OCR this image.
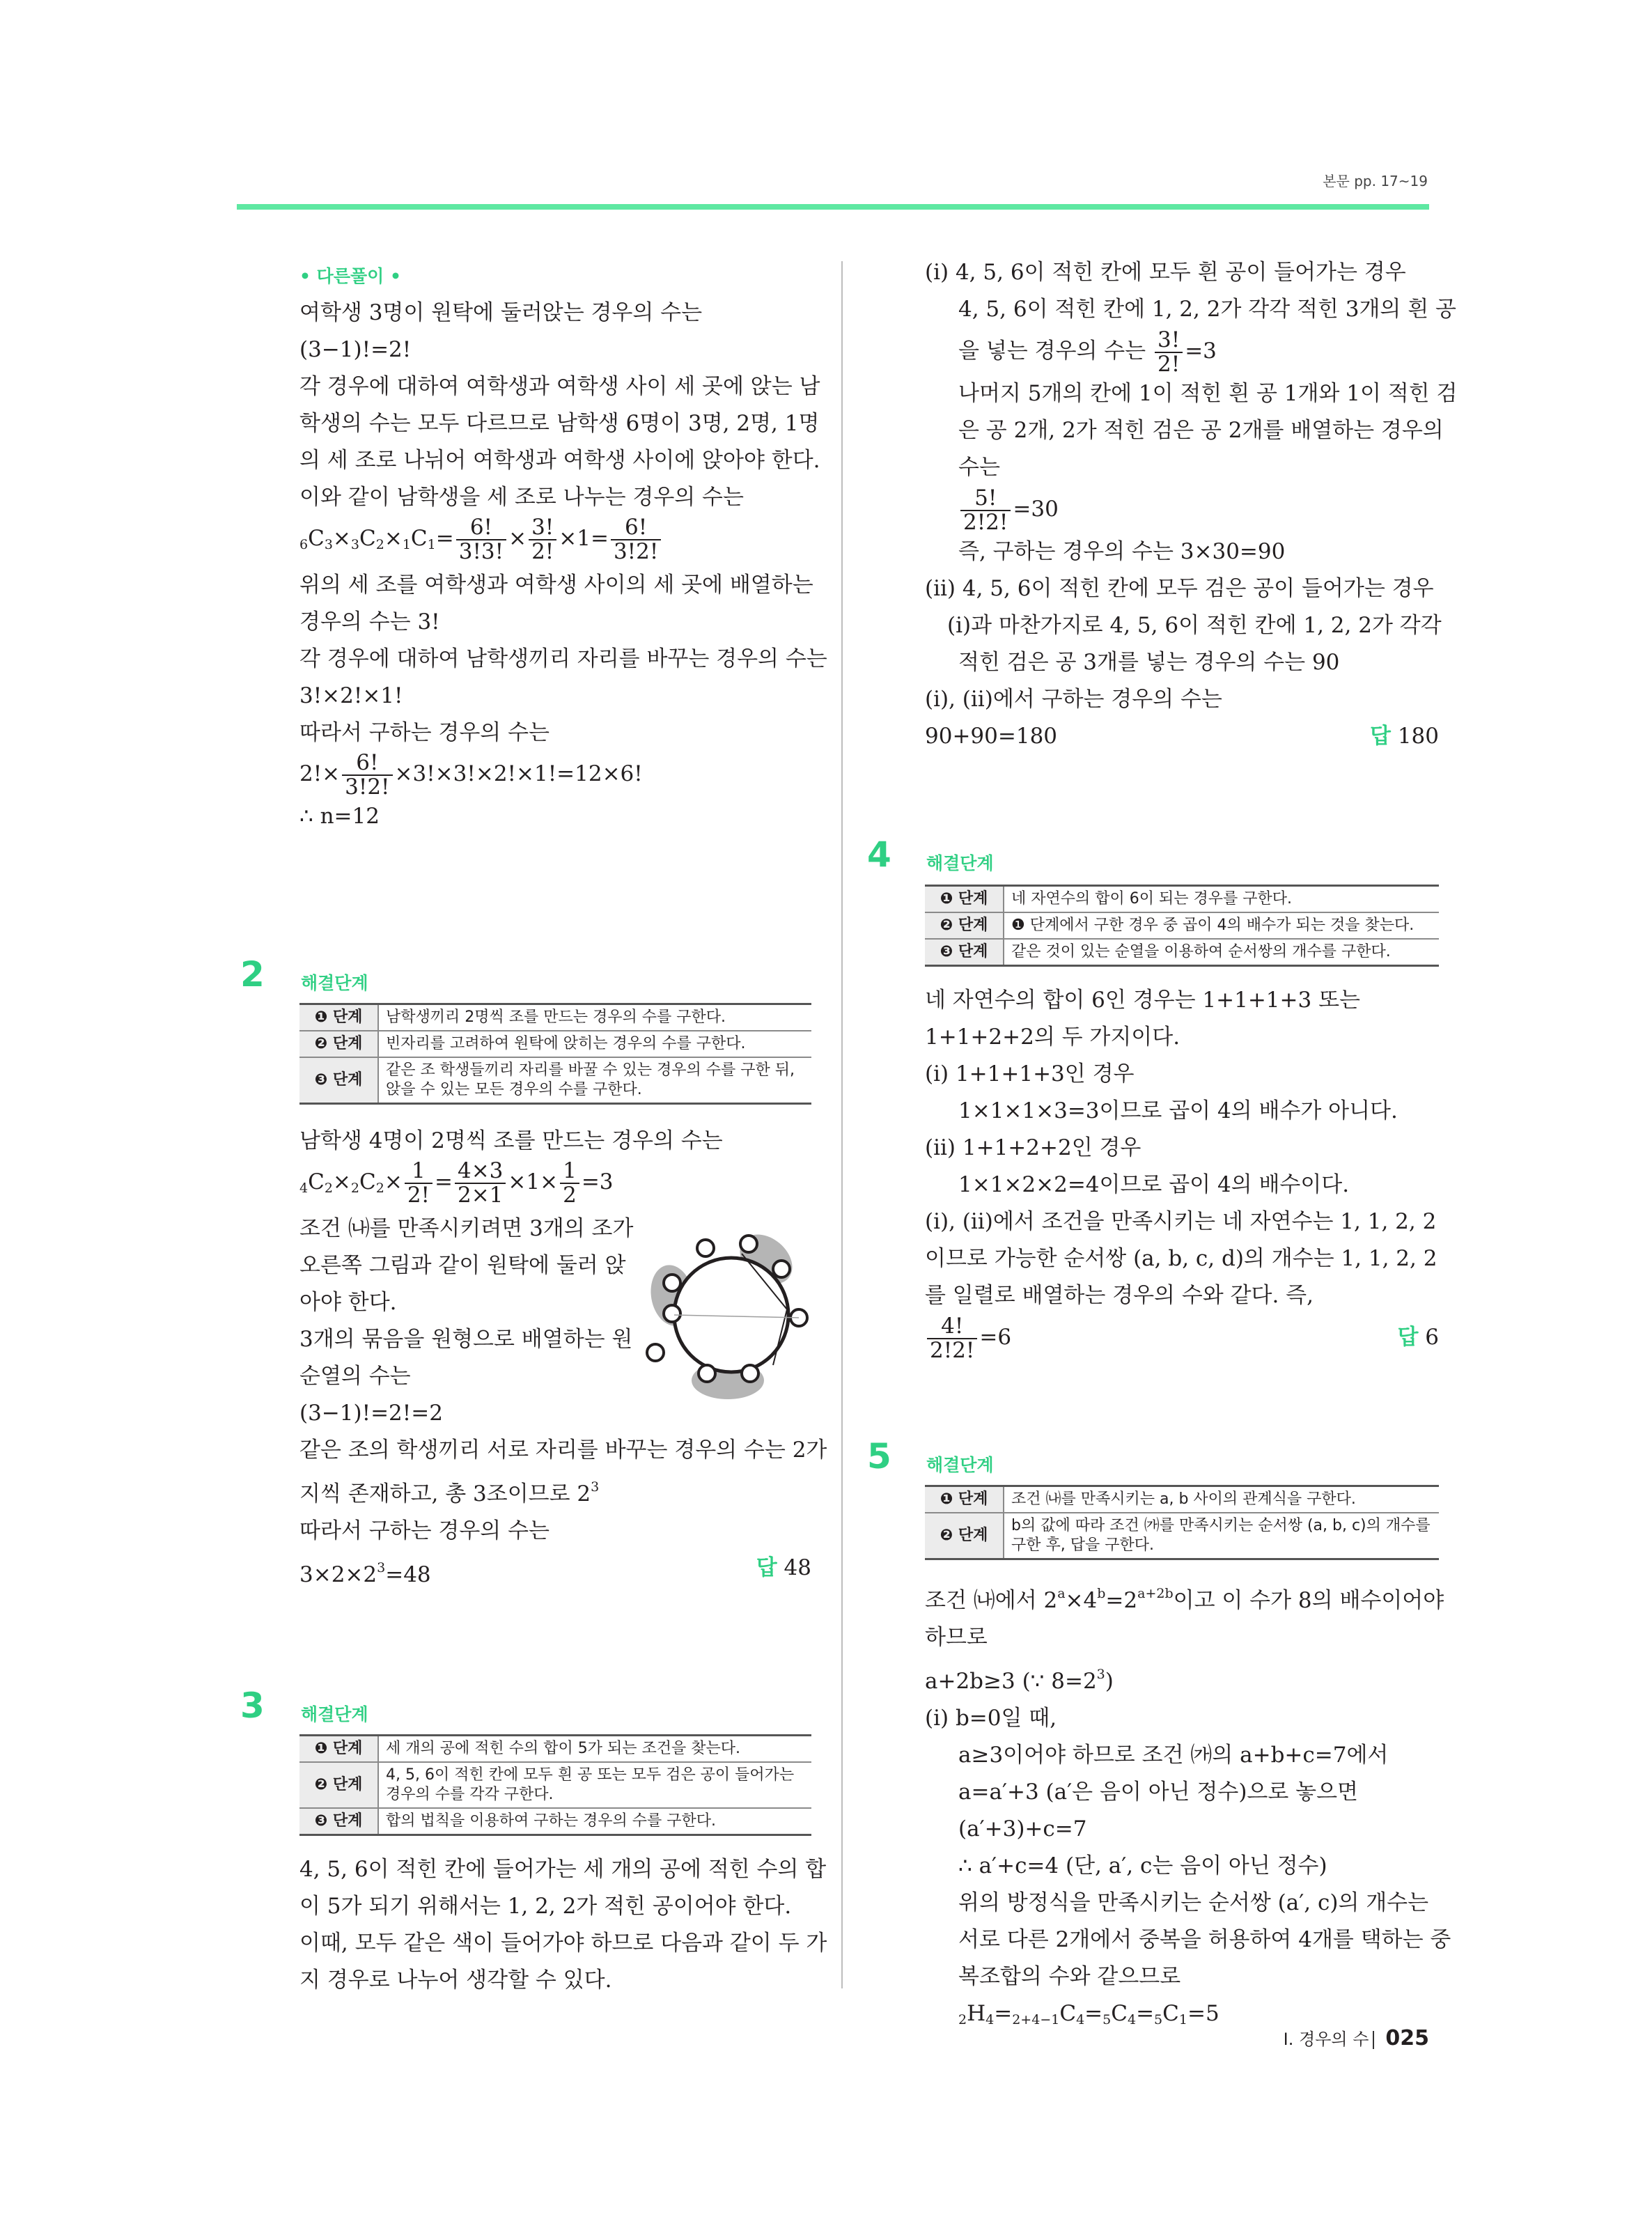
본문 pp. 17~19

• 다른풀이 •

여학생 3명이 원탁에 둘러앉는 경우의 수는

(3−1)!=2!

각 경우에 대하여 여학생과 여학생 사이 세 곳에 앉는 남

학생의 수는 모두 다르므로 남학생 6명이 3명, 2명, 1명

의 세 조로 나뉘어 여학생과 여학생 사이에 앉아야 한다.

이와 같이 남학생을 세 조로 나누는 경우의 수는

$_6C_3\times_3C_2\times_1C_1= \frac{6!}{3!3!} \times \frac{3!}{2!} \times 1= \frac{6!}{3!2!}$

위의 세 조를 여학생과 여학생 사이의 세 곳에 배열하는

경우의 수는 3!

각 경우에 대하여 남학생끼리 자리를 바꾸는 경우의 수는

3!×2!×1!

따라서 구하는 경우의 수는

$2!\times \frac{6!}{3!2!} \times 3!\times 3!\times 2!\times 1!=12\times 6$!

∴ n=12

2 해결단계
❶ 단계	남학생끼리 2명씩 조를 만드는 경우의 수를 구한다.
❷ 단계	빈자리를 고려하여 원탁에 앉히는 경우의 수를 구한다.
❸ 단계	같은 조 학생들끼리 자리를 바꿀 수 있는 경우의 수를 구한 뒤, 앉을 수 있는 모든 경우의 수를 구한다.

남학생 4명이 2명씩 조를 만드는 경우의 수는

$_4C_2\times_2C_2\times \frac{1}{2!} = \frac{4\times 3}{2\times 1} \times 1\times \frac{1}{2} =3$

조건 ㈏를 만족시키려면 3개의 조가

오른쪽 그림과 같이 원탁에 둘러 앉

아야 한다.

3개의 묶음을 원형으로 배열하는 원

순열의 수는

(3−1)!=2!=2

같은 조의 학생끼리 서로 자리를 바꾸는 경우의 수는 2가

지씩 존재하고, 총 3조이므로 $2^3$

따라서 구하는 경우의 수는

$3\times 2\times 2^3=48$	답 48

3 해결단계
❶ 단계	세 개의 공에 적힌 수의 합이 5가 되는 조건을 찾는다.
❷ 단계	4, 5, 6이 적힌 칸에 모두 흰 공 또는 모두 검은 공이 들어가는 경우의 수를 각각 구한다.
❸ 단계	합의 법칙을 이용하여 구하는 경우의 수를 구한다.

4, 5, 6이 적힌 칸에 들어가는 세 개의 공에 적힌 수의 합

이 5가 되기 위해서는 1, 2, 2가 적힌 공이어야 한다.

이때, 모두 같은 색이 들어가야 하므로 다음과 같이 두 가

지 경우로 나누어 생각할 수 있다.

(ⅰ) 4, 5, 6이 적힌 칸에 모두 흰 공이 들어가는 경우

4, 5, 6이 적힌 칸에 1, 2, 2가 각각 적힌 3개의 흰 공

을 넣는 경우의 수는 $\frac{3!}{2!} =3$

나머지 5개의 칸에 1이 적힌 흰 공 1개와 1이 적힌 검

은 공 2개, 2가 적힌 검은 공 2개를 배열하는 경우의

수는

$\frac{5!}{2!2!} =30$

즉, 구하는 경우의 수는 3×30=90

(ⅱ) 4, 5, 6이 적힌 칸에 모두 검은 공이 들어가는 경우

(ⅰ)과 마찬가지로 4, 5, 6이 적힌 칸에 1, 2, 2가 각각

적힌 검은 공 3개를 넣는 경우의 수는 90

(ⅰ), (ⅱ)에서 구하는 경우의 수는

90+90=180	답 180

4 해결단계
❶ 단계	네 자연수의 합이 6이 되는 경우를 구한다.
❷ 단계	❶ 단계에서 구한 경우 중 곱이 4의 배수가 되는 것을 찾는다.
❸ 단계	같은 것이 있는 순열을 이용하여 순서쌍의 개수를 구한다.

네 자연수의 합이 6인 경우는 1+1+1+3 또는

1+1+2+2의 두 가지이다.

(ⅰ) 1+1+1+3인 경우

1×1×1×3=3이므로 곱이 4의 배수가 아니다.

(ⅱ) 1+1+2+2인 경우

1×1×2×2=4이므로 곱이 4의 배수이다.

(ⅰ), (ⅱ)에서 조건을 만족시키는 네 자연수는 1, 1, 2, 2

이므로 가능한 순서쌍 (a, b, c, d)의 개수는 1, 1, 2, 2

를 일렬로 배열하는 경우의 수와 같다. 즉,

$\frac{4!}{2!2!} =6$	답 6

5 해결단계
❶ 단계	조건 ㈏를 만족시키는 a, b 사이의 관계식을 구한다.
❷ 단계	b의 값에 따라 조건 ㈎를 만족시키는 순서쌍 (a, b, c)의 개수를 구한 후, 답을 구한다.

조건 ㈏에서 $2^a\times 4^b=2^{a+2b}$이고 이 수가 8의 배수이어야

하므로

a+2b≥3 (∵ $8=2^3$)

(ⅰ) b=0일 때,

a≥3이어야 하므로 조건 ㈎의 a+b+c=7에서

a=a′+3 (a′은 음이 아닌 정수)으로 놓으면

(a′+3)+c=7

∴ a′+c=4 (단, a′, c는 음이 아닌 정수)

위의 방정식을 만족시키는 순서쌍 (a′, c)의 개수는

서로 다른 2개에서 중복을 허용하여 4개를 택하는 중

복조합의 수와 같으므로

$_2H_4=_{2+4-1}C_4=_5C_4=_5C_1=5$

Ⅰ. 경우의 수 025
